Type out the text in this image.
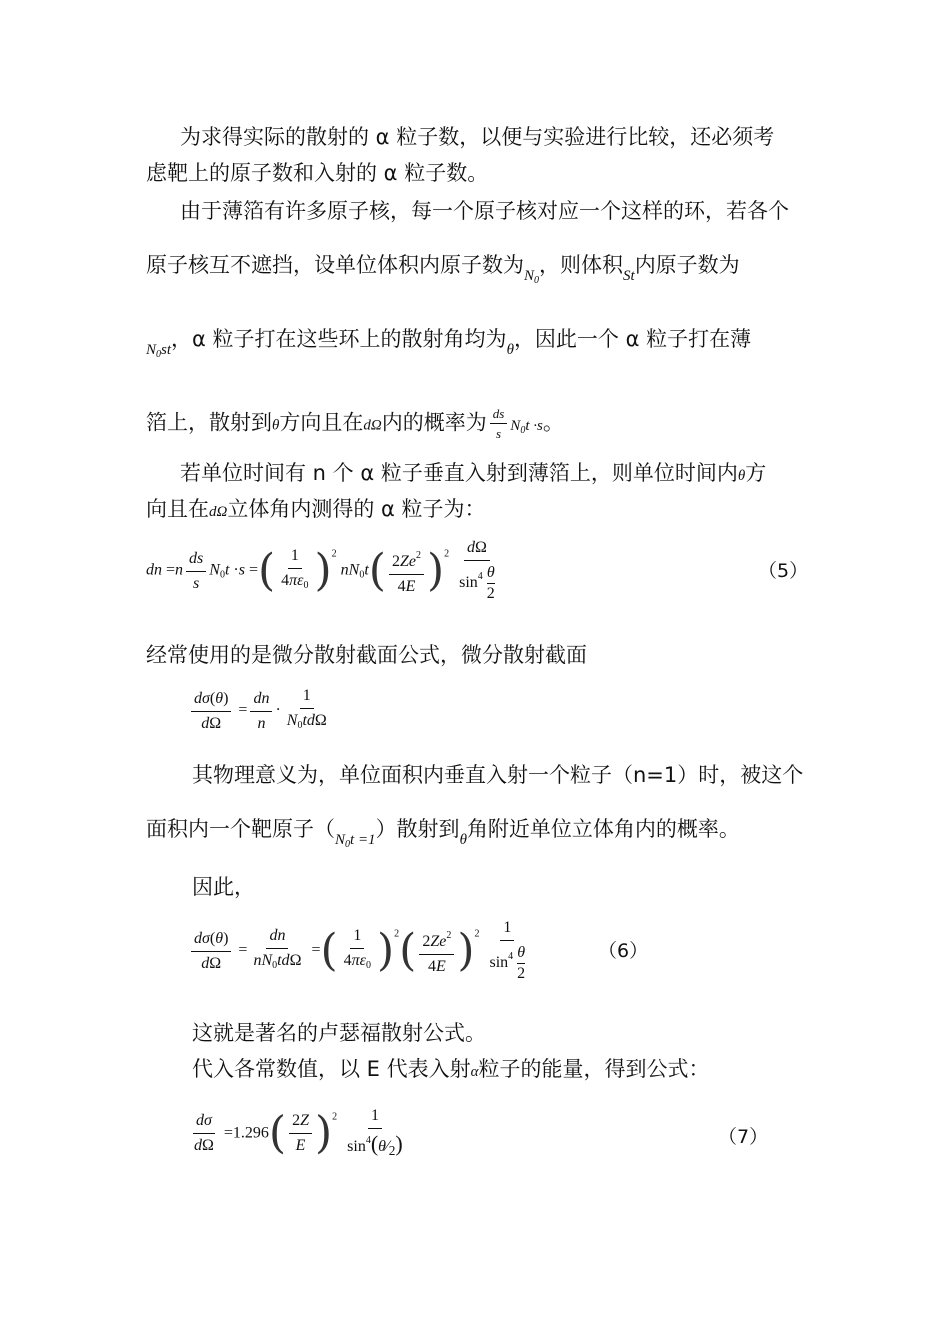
为求得实际的散射的 α 粒子数，以便与实验进行比较，还必须考
虑靶上的原子数和入射的 α 粒子数。
由于薄箔有许多原子核，每一个原子核对应一个这样的环，若各个
原子核互不遮挡，设单位体积内原子数为$_{N_0}$，则体积$_{St}$内原子数为
$_{N_0st}$，α 粒子打在这些环上的散射角均为$_\theta$，因此一个 α 粒子打在薄
箔上，散射到θ方向且在dΩ内的概率为 $\frac{ds}{s} N_0t \cdot s$。
若单位时间有 n 个 α 粒子垂直入射到薄箔上，则单位时间内θ方
向且在dΩ立体角内测得的 α 粒子为：
dn $=n \frac{ds}{s} N_0t \cdot s$ =( $\frac{1}{4\pi\varepsilon_0} )^2$ $nN_0t( \frac{2Ze^2}{4E} )^2 \frac{d\Omega}{\sin^4 \frac{\theta}{2}}$	（5）
经常使用的是微分散射截面公式，微分散射截面
$\frac{d\sigma(\theta)}{d\Omega} = \frac{dn}{n} \cdot \frac{1}{N_0td\Omega}$
其物理意义为，单位面积内垂直入射一个粒子（n=1）时，被这个
面积内一个靶原子$(_{N_0t =1})$散射到$_\theta$角附近单位立体角内的概率。
因此，
$\frac{d\sigma(\theta)}{d\Omega} = \frac{dn}{nN_0td\Omega}$ =( $\frac{1}{4\pi\varepsilon_0} )^2( \frac{2Ze^2}{4E} )^2 \frac{1}{\sin^4 \frac{\theta}{2}}$	（6）
这就是著名的卢瑟福散射公式。
代入各常数值，以 E 代表入射α粒子的能量，得到公式：
$\frac{d\sigma}{d\Omega} =1.296( \frac{2Z}{E} )^2 \frac{1}{\sin^4(\theta⁄_2)}$	（7）
